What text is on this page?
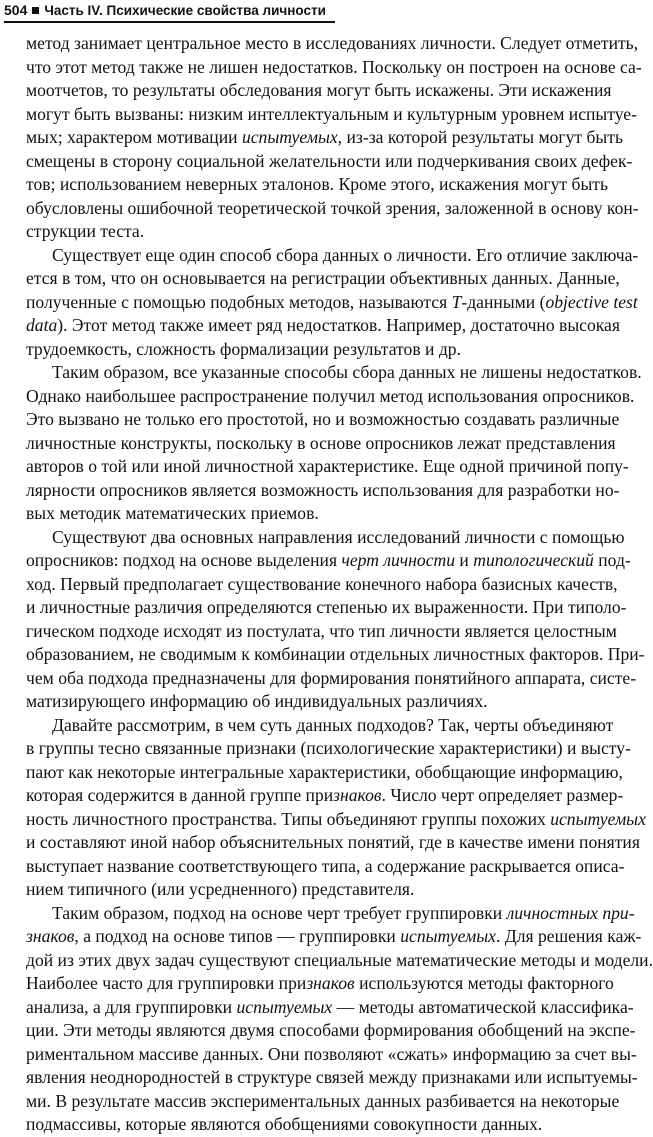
504 Часть IV. Психические свойства личности
метод занимает центральное место в исследованиях личности. Следует отметить,
что этот метод также не лишен недостатков. Поскольку он построен на основе са-
моотчетов, то результаты обследования могут быть искажены. Эти искажения
могут быть вызваны: низким интеллектуальным и культурным уровнем испытуе-
мых; характером мотивации испытуемых, из-за которой результаты могут быть
смещены в сторону социальной желательности или подчеркивания своих дефек-
тов; использованием неверных эталонов. Кроме этого, искажения могут быть
обусловлены ошибочной теоретической точкой зрения, заложенной в основу кон-
струкции теста.
Существует еще один способ сбора данных о личности. Его отличие заключа-
ется в том, что он основывается на регистрации объективных данных. Данные,
полученные с помощью подобных методов, называются T-данными (objective test
data). Этот метод также имеет ряд недостатков. Например, достаточно высокая
трудоемкость, сложность формализации результатов и др.
Таким образом, все указанные способы сбора данных не лишены недостатков.
Однако наибольшее распространение получил метод использования опросников.
Это вызвано не только его простотой, но и возможностью создавать различные
личностные конструкты, поскольку в основе опросников лежат представления
авторов о той или иной личностной характеристике. Еще одной причиной попу-
лярности опросников является возможность использования для разработки но-
вых методик математических приемов.
Существуют два основных направления исследований личности с помощью
опросников: подход на основе выделения черт личности и типологический под-
ход. Первый предполагает существование конечного набора базисных качеств,
и личностные различия определяются степенью их выраженности. При типоло-
гическом подходе исходят из постулата, что тип личности является целостным
образованием, не сводимым к комбинации отдельных личностных факторов. При-
чем оба подхода предназначены для формирования понятийного аппарата, систе-
матизирующего информацию об индивидуальных различиях.
Давайте рассмотрим, в чем суть данных подходов? Так, черты объединяют
в группы тесно связанные признаки (психологические характеристики) и высту-
пают как некоторые интегральные характеристики, обобщающие информацию,
которая содержится в данной группе признаков. Число черт определяет размер-
ность личностного пространства. Типы объединяют группы похожих испытуемых
и составляют иной набор объяснительных понятий, где в качестве имени понятия
выступает название соответствующего типа, а содержание раскрывается описа-
нием типичного (или усредненного) представителя.
Таким образом, подход на основе черт требует группировки личностных при-
знаков, а подход на основе типов — группировки испытуемых. Для решения каж-
дой из этих двух задач существуют специальные математические методы и модели.
Наиболее часто для группировки признаков используются методы факторного
анализа, а для группировки испытуемых — методы автоматической классифика-
ции. Эти методы являются двумя способами формирования обобщений на экспе-
риментальном массиве данных. Они позволяют «сжать» информацию за счет вы-
явления неоднородностей в структуре связей между признаками или испытуемы-
ми. В результате массив экспериментальных данных разбивается на некоторые
подмассивы, которые являются обобщениями совокупности данных.
